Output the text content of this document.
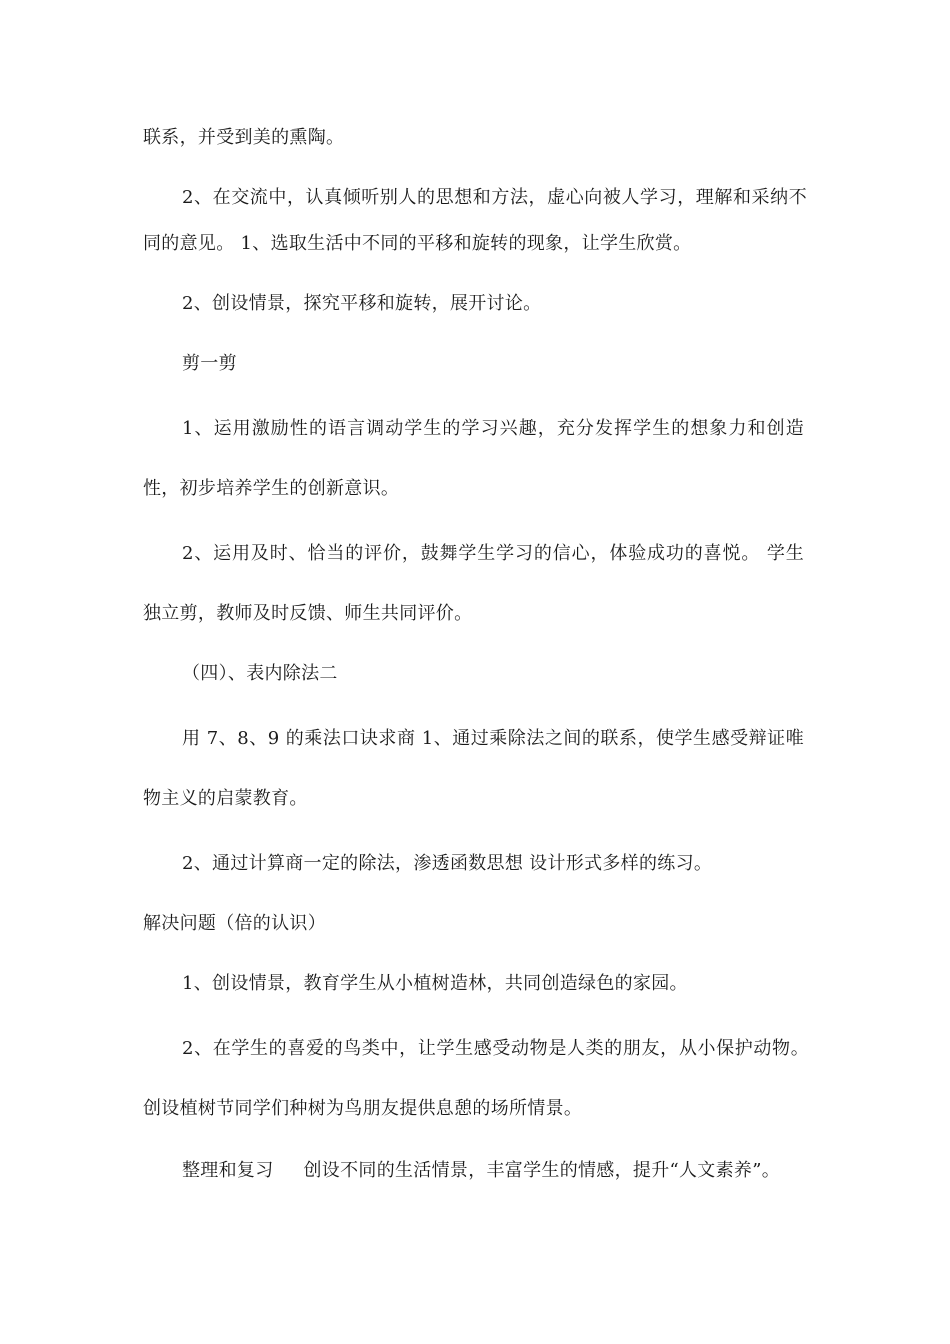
联系，并受到美的熏陶。
2、在交流中，认真倾听别人的思想和方法，虚心向被人学习，理解和采纳不
同的意见。 1、选取生活中不同的平移和旋转的现象，让学生欣赏。
2、创设情景，探究平移和旋转，展开讨论。
剪一剪
1、运用激励性的语言调动学生的学习兴趣，充分发挥学生的想象力和创造
性，初步培养学生的创新意识。
2、运用及时、恰当的评价，鼓舞学生学习的信心，体验成功的喜悦。 学生
独立剪，教师及时反馈、师生共同评价。
（四）、表内除法二
用 7、8、9 的乘法口诀求商 1、通过乘除法之间的联系，使学生感受辩证唯
物主义的启蒙教育。
2、通过计算商一定的除法，渗透函数思想 设计形式多样的练习。
解决问题（倍的认识）
1、创设情景，教育学生从小植树造林，共同创造绿色的家园。
2、在学生的喜爱的鸟类中，让学生感受动物是人类的朋友，从小保护动物。
创设植树节同学们种树为鸟朋友提供息憩的场所情景。
整理和复习 创设不同的生活情景，丰富学生的情感，提升“人文素养”。
